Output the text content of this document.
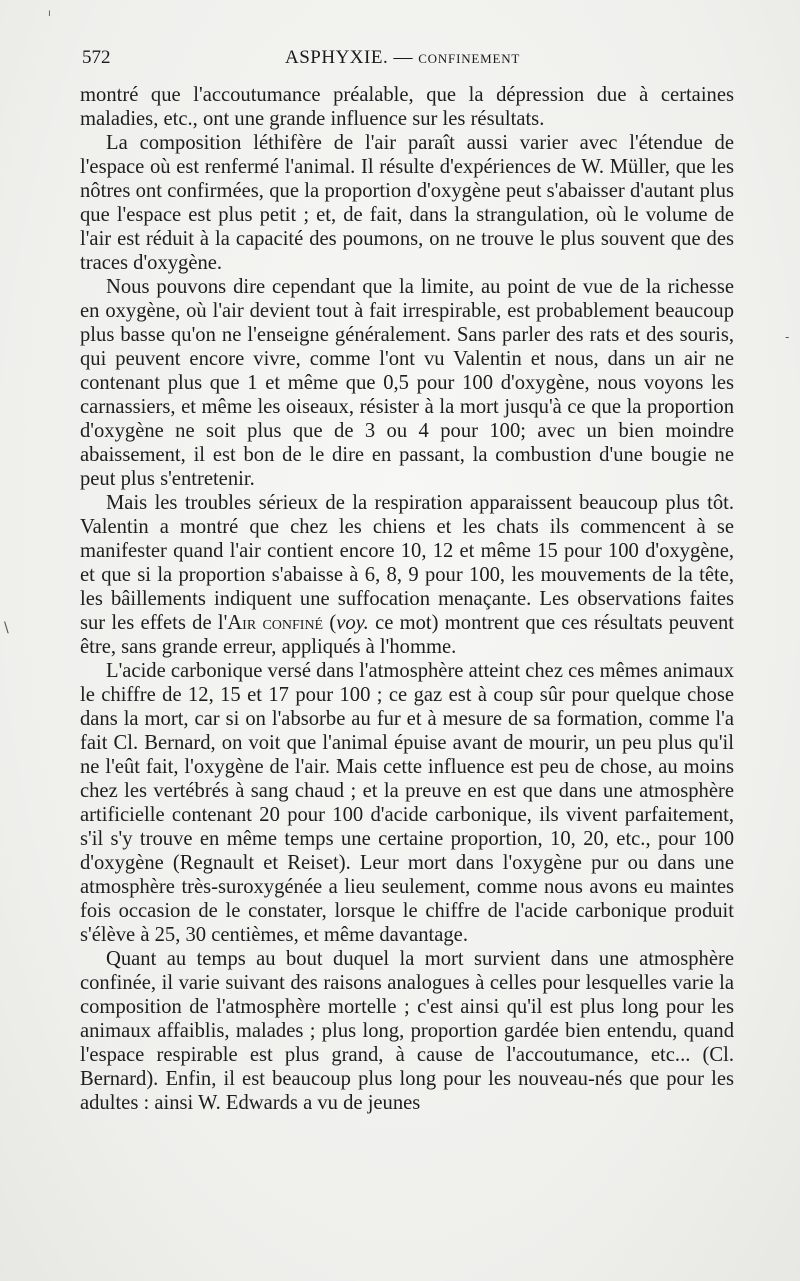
572	ASPHYXIE. — CONFINEMENT

montré que l'accoutumance préalable, que la dépression due à certaines maladies, etc., ont une grande influence sur les résultats.

La composition léthifère de l'air paraît aussi varier avec l'étendue de l'espace où est renfermé l'animal. Il résulte d'expériences de W. Müller, que les nôtres ont confirmées, que la proportion d'oxygène peut s'abaisser d'autant plus que l'espace est plus petit ; et, de fait, dans la strangulation, où le volume de l'air est réduit à la capacité des poumons, on ne trouve le plus souvent que des traces d'oxygène.

Nous pouvons dire cependant que la limite, au point de vue de la richesse en oxygène, où l'air devient tout à fait irrespirable, est probablement beaucoup plus basse qu'on ne l'enseigne généralement. Sans parler des rats et des souris, qui peuvent encore vivre, comme l'ont vu Valentin et nous, dans un air ne contenant plus que 1 et même que 0,5 pour 100 d'oxygène, nous voyons les carnassiers, et même les oiseaux, résister à la mort jusqu'à ce que la proportion d'oxygène ne soit plus que de 3 ou 4 pour 100; avec un bien moindre abaissement, il est bon de le dire en passant, la combustion d'une bougie ne peut plus s'entretenir.

Mais les troubles sérieux de la respiration apparaissent beaucoup plus tôt. Valentin a montré que chez les chiens et les chats ils commencent à se manifester quand l'air contient encore 10, 12 et même 15 pour 100 d'oxygène, et que si la proportion s'abaisse à 6, 8, 9 pour 100, les mouvements de la tête, les bâillements indiquent une suffocation menaçante. Les observations faites sur les effets de l'Air confiné (voy. ce mot) montrent que ces résultats peuvent être, sans grande erreur, appliqués à l'homme.

L'acide carbonique versé dans l'atmosphère atteint chez ces mêmes animaux le chiffre de 12, 15 et 17 pour 100 ; ce gaz est à coup sûr pour quelque chose dans la mort, car si on l'absorbe au fur et à mesure de sa formation, comme l'a fait Cl. Bernard, on voit que l'animal épuise avant de mourir, un peu plus qu'il ne l'eût fait, l'oxygène de l'air. Mais cette influence est peu de chose, au moins chez les vertébrés à sang chaud ; et la preuve en est que dans une atmosphère artificielle contenant 20 pour 100 d'acide carbonique, ils vivent parfaitement, s'il s'y trouve en même temps une certaine proportion, 10, 20, etc., pour 100 d'oxygène (Regnault et Reiset). Leur mort dans l'oxygène pur ou dans une atmosphère très-suroxygénée a lieu seulement, comme nous avons eu maintes fois occasion de le constater, lorsque le chiffre de l'acide carbonique produit s'élève à 25, 30 centièmes, et même davantage.

Quant au temps au bout duquel la mort survient dans une atmosphère confinée, il varie suivant des raisons analogues à celles pour lesquelles varie la composition de l'atmosphère mortelle ; c'est ainsi qu'il est plus long pour les animaux affaiblis, malades ; plus long, proportion gardée bien entendu, quand l'espace respirable est plus grand, à cause de l'accoutumance, etc... (Cl. Bernard). Enfin, il est beaucoup plus long pour les nouveau-nés que pour les adultes : ainsi W. Edwards a vu de jeunes

-
\
ı
